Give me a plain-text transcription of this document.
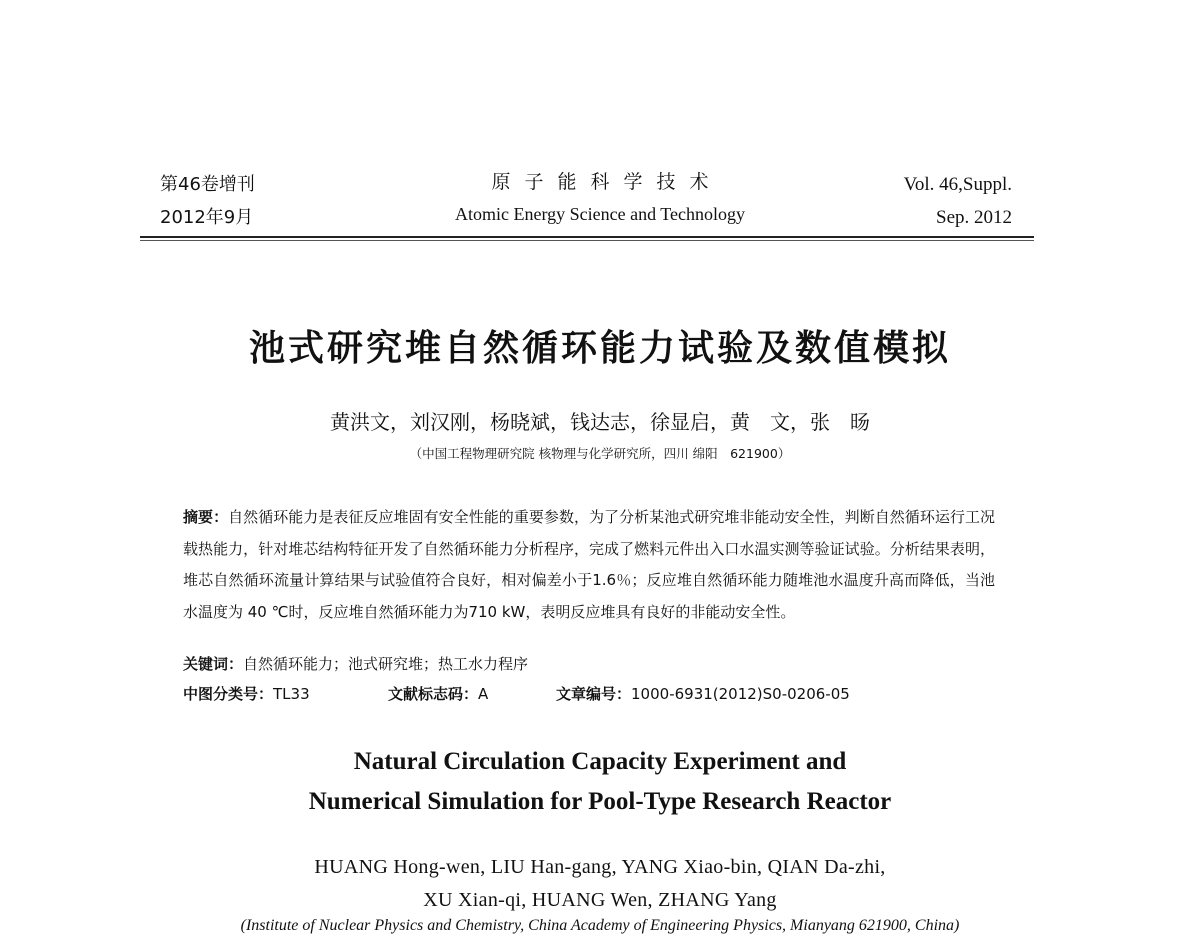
第46卷增刊
2012年9月
原子能科学技术
Atomic Energy Science and Technology
Vol. 46,Suppl.
Sep. 2012
池式研究堆自然循环能力试验及数值模拟
黄洪文，刘汉刚，杨晓斌，钱达志，徐显启，黄　文，张　旸
（中国工程物理研究院 核物理与化学研究所，四川 绵阳　621900）
摘要：自然循环能力是表征反应堆固有安全性能的重要参数，为了分析某池式研究堆非能动安全性，判断自然循环运行工况载热能力，针对堆芯结构特征开发了自然循环能力分析程序，完成了燃料元件出入口水温实测等验证试验。分析结果表明，堆芯自然循环流量计算结果与试验值符合良好，相对偏差小于1.6％；反应堆自然循环能力随堆池水温度升高而降低，当池水温度为 40 ℃时，反应堆自然循环能力为710 kW，表明反应堆具有良好的非能动安全性。
关键词：自然循环能力；池式研究堆；热工水力程序
中图分类号：TL33	文献标志码：A	文章编号：1000-6931(2012)S0-0206-05
Natural Circulation Capacity Experiment and
Numerical Simulation for Pool-Type Research Reactor
HUANG Hong-wen, LIU Han-gang, YANG Xiao-bin, QIAN Da-zhi,
XU Xian-qi, HUANG Wen, ZHANG Yang
(Institute of Nuclear Physics and Chemistry, China Academy of Engineering Physics, Mianyang 621900, China)
